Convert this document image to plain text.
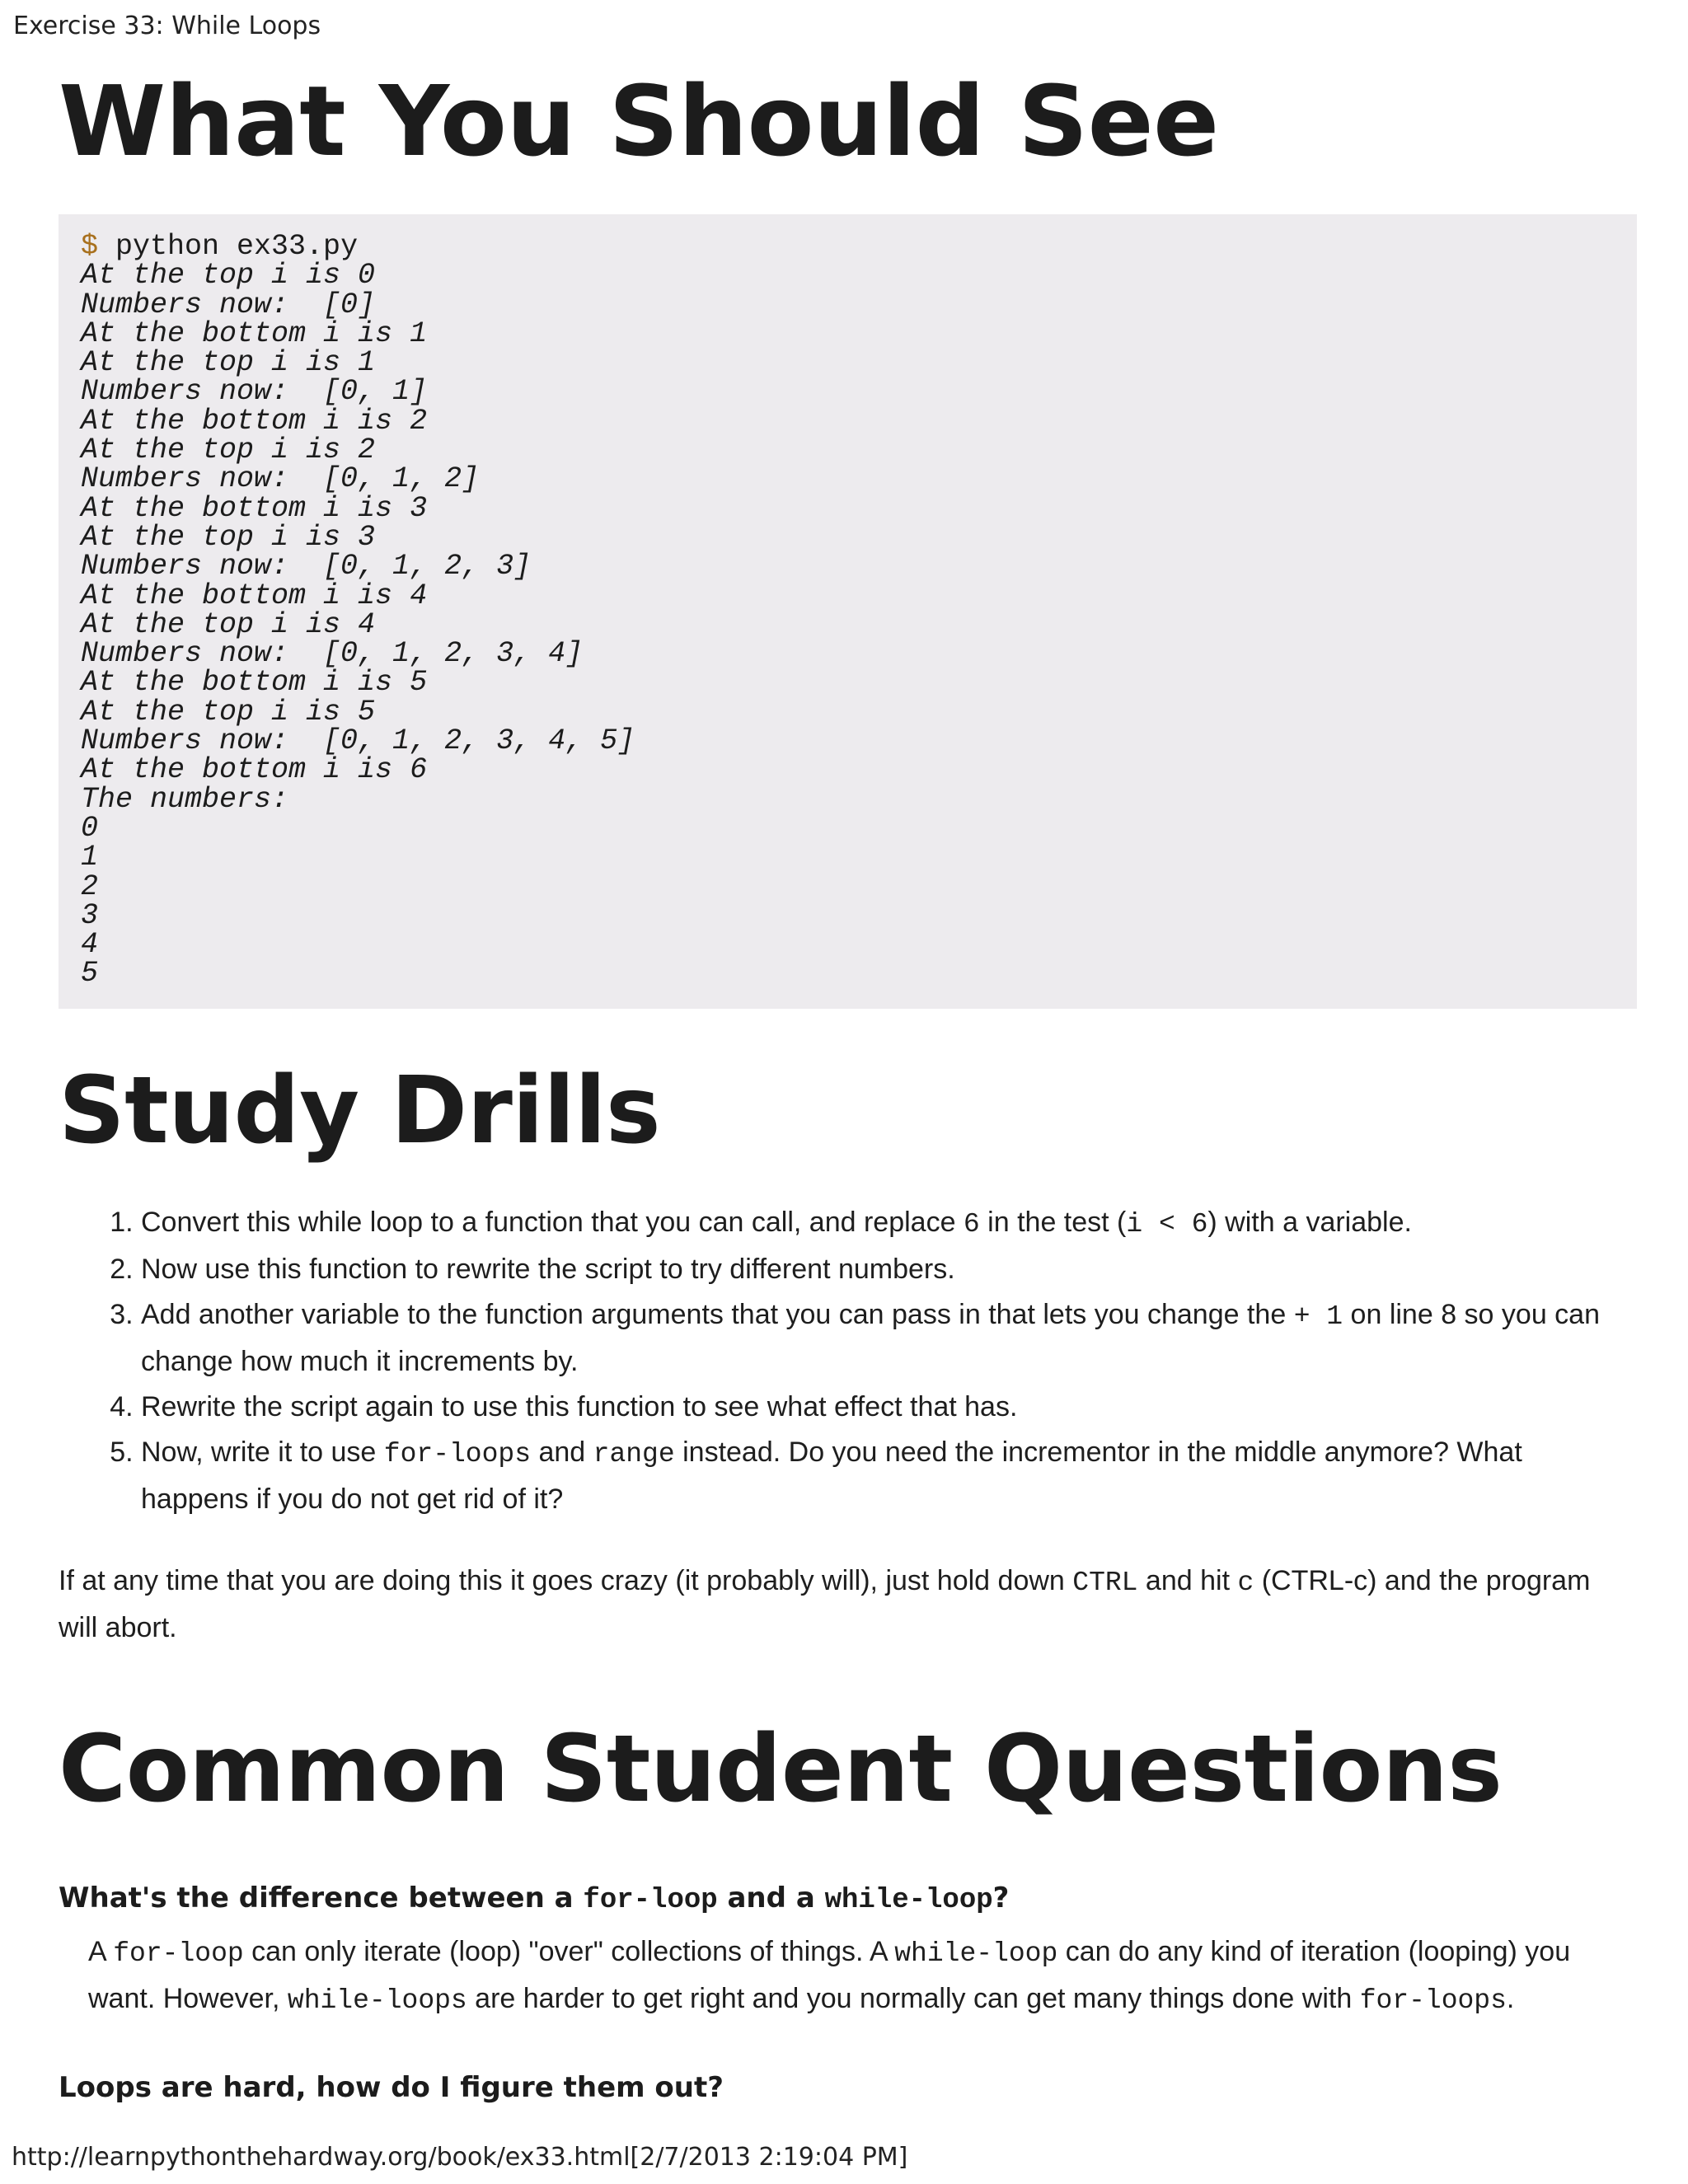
Exercise 33: While Loops
What You Should See
$ python ex33.py
At the top i is 0
Numbers now:  [0]
At the bottom i is 1
At the top i is 1
Numbers now:  [0, 1]
At the bottom i is 2
At the top i is 2
Numbers now:  [0, 1, 2]
At the bottom i is 3
At the top i is 3
Numbers now:  [0, 1, 2, 3]
At the bottom i is 4
At the top i is 4
Numbers now:  [0, 1, 2, 3, 4]
At the bottom i is 5
At the top i is 5
Numbers now:  [0, 1, 2, 3, 4, 5]
At the bottom i is 6
The numbers:
0
1
2
3
4
5
Study Drills
1. Convert this while loop to a function that you can call, and replace 6 in the test (i < 6) with a variable.
2. Now use this function to rewrite the script to try different numbers.
3. Add another variable to the function arguments that you can pass in that lets you change the + 1 on line 8 so you can change how much it increments by.
4. Rewrite the script again to use this function to see what effect that has.
5. Now, write it to use for-loops and range instead. Do you need the incrementor in the middle anymore? What happens if you do not get rid of it?

If at any time that you are doing this it goes crazy (it probably will), just hold down CTRL and hit c (CTRL-c) and the program will abort.

Common Student Questions
What's the difference between a for-loop and a while-loop?
A for-loop can only iterate (loop) "over" collections of things. A while-loop can do any kind of iteration (looping) you want. However, while-loops are harder to get right and you normally can get many things done with for-loops.
Loops are hard, how do I figure them out?
http://learnpythonthehardway.org/book/ex33.html[2/7/2013 2:19:04 PM]
